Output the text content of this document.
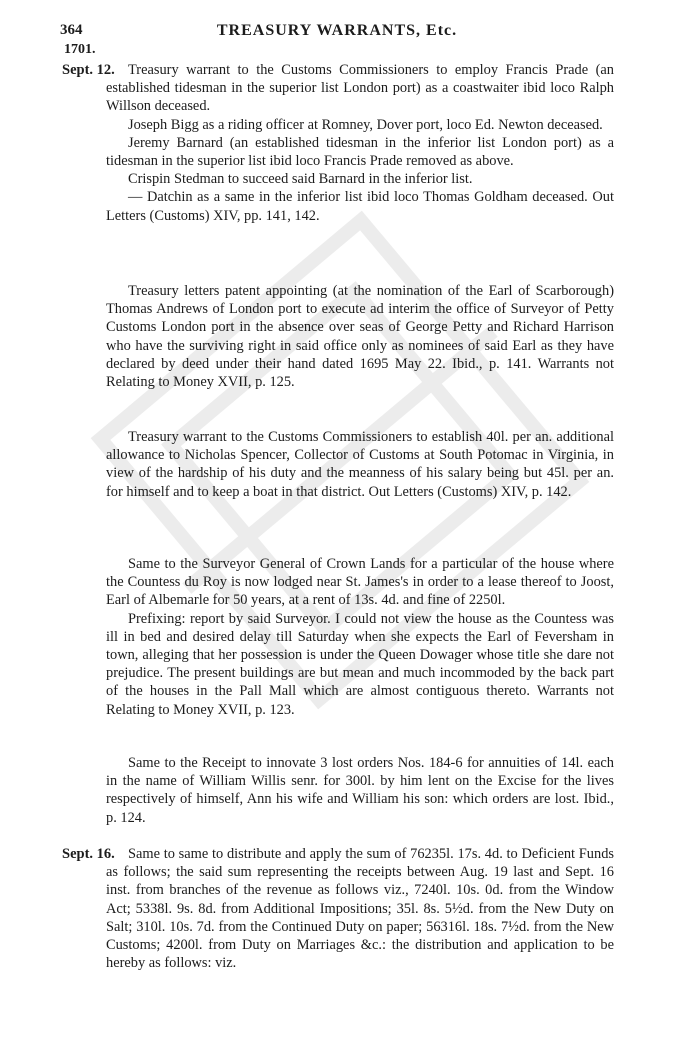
364	TREASURY WARRANTS, Etc.
1701.
Sept. 12.
Sept. 16.

Treasury warrant to the Customs Commissioners to employ Francis Prade (an established tidesman in the superior list London port) as a coastwaiter ibid loco Ralph Willson deceased.

Joseph Bigg as a riding officer at Romney, Dover port, loco Ed. Newton deceased.

Jeremy Barnard (an established tidesman in the inferior list London port) as a tidesman in the superior list ibid loco Francis Prade removed as above.

Crispin Stedman to succeed said Barnard in the inferior list.

— Datchin as a same in the inferior list ibid loco Thomas Goldham deceased. Out Letters (Customs) XIV, pp. 141, 142.

Treasury letters patent appointing (at the nomination of the Earl of Scarborough) Thomas Andrews of London port to execute ad interim the office of Surveyor of Petty Customs London port in the absence over seas of George Petty and Richard Harrison who have the surviving right in said office only as nominees of said Earl as they have declared by deed under their hand dated 1695 May 22. Ibid., p. 141. Warrants not Relating to Money XVII, p. 125.

Treasury warrant to the Customs Commissioners to establish 40l. per an. additional allowance to Nicholas Spencer, Collector of Customs at South Potomac in Virginia, in view of the hardship of his duty and the meanness of his salary being but 45l. per an. for himself and to keep a boat in that district. Out Letters (Customs) XIV, p. 142.

Same to the Surveyor General of Crown Lands for a particular of the house where the Countess du Roy is now lodged near St. James's in order to a lease thereof to Joost, Earl of Albemarle for 50 years, at a rent of 13s. 4d. and fine of 2250l.

Prefixing: report by said Surveyor. I could not view the house as the Countess was ill in bed and desired delay till Saturday when she expects the Earl of Feversham in town, alleging that her possession is under the Queen Dowager whose title she dare not prejudice. The present buildings are but mean and much incommoded by the back part of the houses in the Pall Mall which are almost contiguous thereto. Warrants not Relating to Money XVII, p. 123.

Same to the Receipt to innovate 3 lost orders Nos. 184-6 for annuities of 14l. each in the name of William Willis senr. for 300l. by him lent on the Excise for the lives respectively of himself, Ann his wife and William his son: which orders are lost. Ibid., p. 124.

Same to same to distribute and apply the sum of 76235l. 17s. 4d. to Deficient Funds as follows; the said sum representing the receipts between Aug. 19 last and Sept. 16 inst. from branches of the revenue as follows viz., 7240l. 10s. 0d. from the Window Act; 5338l. 9s. 8d. from Additional Impositions; 35l. 8s. 5½d. from the New Duty on Salt; 310l. 10s. 7d. from the Continued Duty on paper; 56316l. 18s. 7½d. from the New Customs; 4200l. from Duty on Marriages &c.: the distribution and application to be hereby as follows: viz.
